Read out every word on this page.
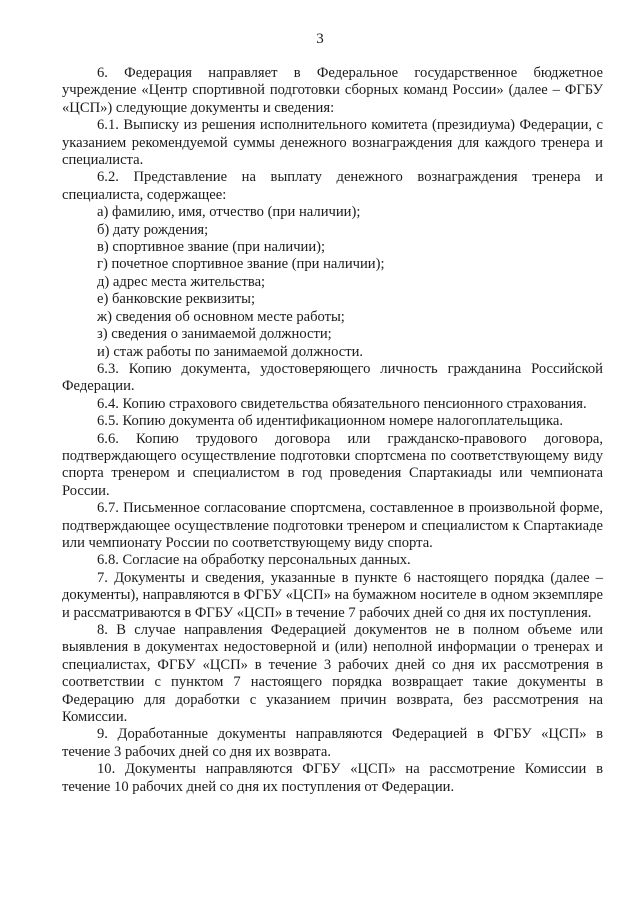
3

6. Федерация направляет в Федеральное государственное бюджетное учреждение «Центр спортивной подготовки сборных команд России» (далее – ФГБУ «ЦСП») следующие документы и сведения:

6.1. Выписку из решения исполнительного комитета (президиума) Федерации, с указанием рекомендуемой суммы денежного вознаграждения для каждого тренера и специалиста.

6.2. Представление на выплату денежного вознаграждения тренера и специалиста, содержащее:

а) фамилию, имя, отчество (при наличии);

б) дату рождения;

в) спортивное звание (при наличии);

г) почетное спортивное звание (при наличии);

д) адрес места жительства;

е) банковские реквизиты;

ж) сведения об основном месте работы;

з) сведения о занимаемой должности;

и) стаж работы по занимаемой должности.

6.3. Копию документа, удостоверяющего личность гражданина Российской Федерации.

6.4. Копию страхового свидетельства обязательного пенсионного страхования.

6.5. Копию документа об идентификационном номере налогоплательщика.

6.6. Копию трудового договора или гражданско-правового договора, подтверждающего осуществление подготовки спортсмена по соответствующему виду спорта тренером и специалистом в год проведения Спартакиады или чемпионата России.

6.7. Письменное согласование спортсмена, составленное в произвольной форме, подтверждающее осуществление подготовки тренером и специалистом к Спартакиаде или чемпионату России по соответствующему виду спорта.

6.8. Согласие на обработку персональных данных.

7. Документы и сведения, указанные в пункте 6 настоящего порядка (далее – документы), направляются в ФГБУ «ЦСП» на бумажном носителе в одном экземпляре и рассматриваются в ФГБУ «ЦСП» в течение 7 рабочих дней со дня их поступления.

8. В случае направления Федерацией документов не в полном объеме или выявления в документах недостоверной и (или) неполной информации о тренерах и специалистах, ФГБУ «ЦСП» в течение 3 рабочих дней со дня их рассмотрения в соответствии с пунктом 7 настоящего порядка возвращает такие документы в Федерацию для доработки с указанием причин возврата, без рассмотрения на Комиссии.

9. Доработанные документы направляются Федерацией в ФГБУ «ЦСП» в течение 3 рабочих дней со дня их возврата.

10. Документы направляются ФГБУ «ЦСП» на рассмотрение Комиссии в течение 10 рабочих дней со дня их поступления от Федерации.
